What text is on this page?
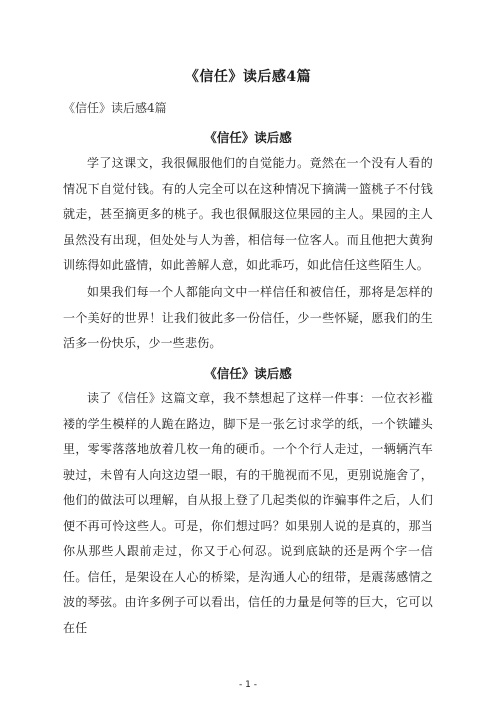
《信任》读后感4篇
《信任》读后感4篇
《信任》读后感
学了这课文，我很佩服他们的自觉能力。竟然在一个没有人看的情况下自觉付钱。有的人完全可以在这种情况下摘满一篮桃子不付钱就走，甚至摘更多的桃子。我也很佩服这位果园的主人。果园的主人虽然没有出现，但处处与人为善，相信每一位客人。而且他把大黄狗训练得如此盛情，如此善解人意，如此乖巧，如此信任这些陌生人。
如果我们每一个人都能向文中一样信任和被信任，那将是怎样的一个美好的世界！让我们彼此多一份信任，少一些怀疑，愿我们的生活多一份快乐，少一些悲伤。
《信任》读后感
读了《信任》这篇文章，我不禁想起了这样一件事：一位衣衫褴褛的学生模样的人跪在路边，脚下是一张乞讨求学的纸，一个铁罐头里，零零落落地放着几枚一角的硬币。一个个行人走过，一辆辆汽车驶过，未曾有人向这边望一眼，有的干脆视而不见，更别说施舍了，他们的做法可以理解，自从报上登了几起类似的诈骗事件之后，人们便不再可怜这些人。可是，你们想过吗？如果别人说的是真的，那当你从那些人跟前走过，你又于心何忍。说到底缺的还是两个字一信任。信任，是架设在人心的桥梁，是沟通人心的纽带，是震荡感情之波的琴弦。由许多例子可以看出，信任的力量是何等的巨大，它可以在任
- 1 -
